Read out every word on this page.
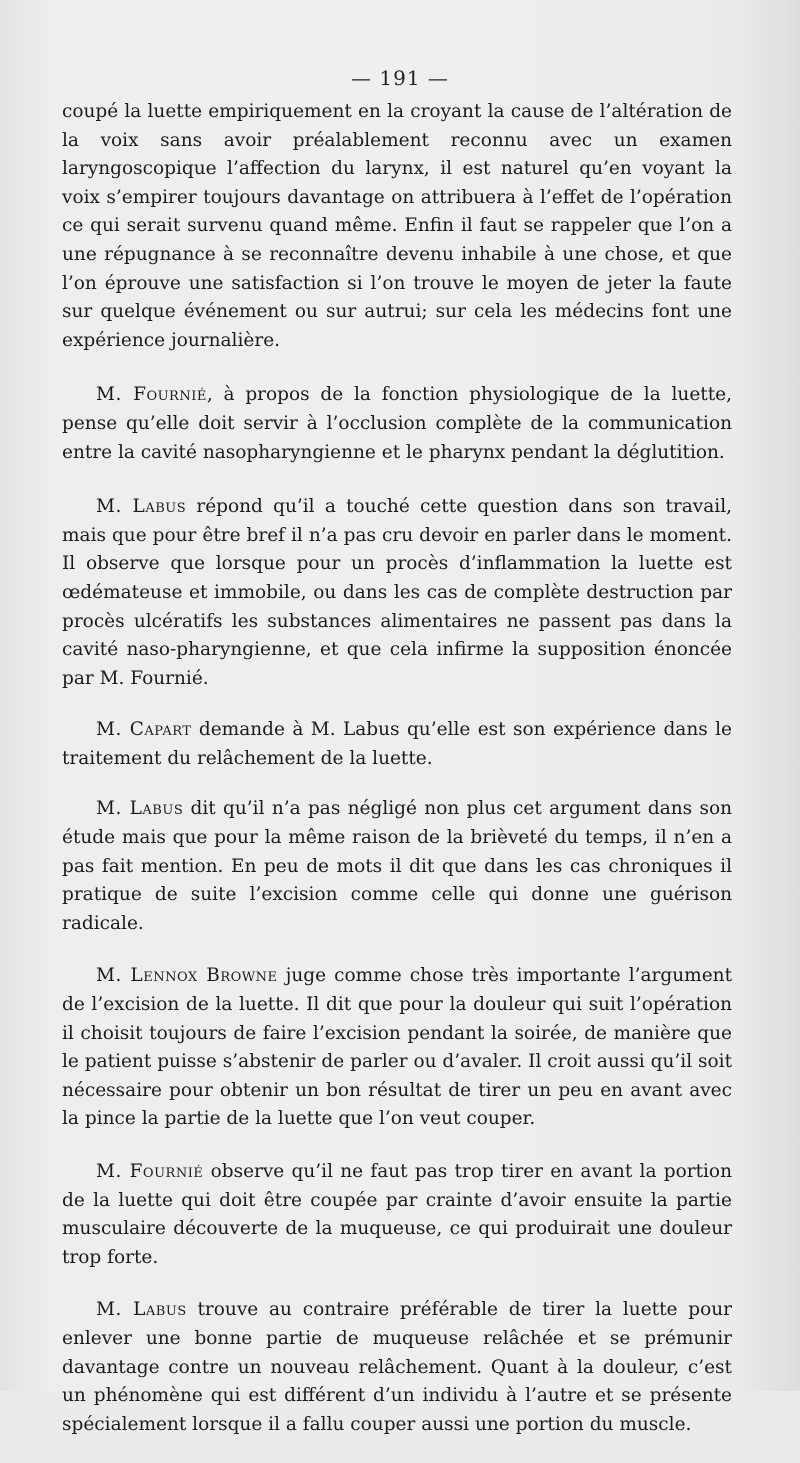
— 191 —

coupé la luette empiriquement en la croyant la cause de l’altération de la voix sans avoir préalablement reconnu avec un examen laryngoscopique l’affection du larynx, il est naturel qu’en voyant la voix s’empirer toujours davantage on attribuera à l’effet de l’opération ce qui serait survenu quand même. Enfin il faut se rappeler que l’on a une répugnance à se reconnaître devenu inhabile à une chose, et que l’on éprouve une satisfaction si l’on trouve le moyen de jeter la faute sur quelque événement ou sur autrui; sur cela les médecins font une expérience journalière.

M. Fournié, à propos de la fonction physiologique de la luette, pense qu’elle doit servir à l’occlusion complète de la communication entre la cavité nasopharyngienne et le pharynx pendant la déglutition.

M. Labus répond qu’il a touché cette question dans son travail, mais que pour être bref il n’a pas cru devoir en parler dans le moment. Il observe que lorsque pour un procès d’inflammation la luette est œdémateuse et immobile, ou dans les cas de complète destruction par procès ulcératifs les substances alimentaires ne passent pas dans la cavité naso-pharyngienne, et que cela infirme la supposition énoncée par M. Fournié.

M. Capart demande à M. Labus qu’elle est son expérience dans le traitement du relâchement de la luette.

M. Labus dit qu’il n’a pas négligé non plus cet argument dans son étude mais que pour la même raison de la brièveté du temps, il n’en a pas fait mention. En peu de mots il dit que dans les cas chroniques il pratique de suite l’excision comme celle qui donne une guérison radicale.

M. Lennox Browne juge comme chose très importante l’argument de l’excision de la luette. Il dit que pour la douleur qui suit l’opération il choisit toujours de faire l’excision pendant la soirée, de manière que le patient puisse s’abstenir de parler ou d’avaler. Il croit aussi qu’il soit nécessaire pour obtenir un bon résultat de tirer un peu en avant avec la pince la partie de la luette que l’on veut couper.

M. Fournié observe qu’il ne faut pas trop tirer en avant la portion de la luette qui doit être coupée par crainte d’avoir ensuite la partie musculaire découverte de la muqueuse, ce qui produirait une douleur trop forte.

M. Labus trouve au contraire préférable de tirer la luette pour enlever une bonne partie de muqueuse relâchée et se prémunir davantage contre un nouveau relâchement. Quant à la douleur, c’est un phénomène qui est différent d’un individu à l’autre et se présente spécialement lorsque il a fallu couper aussi une portion du muscle.
